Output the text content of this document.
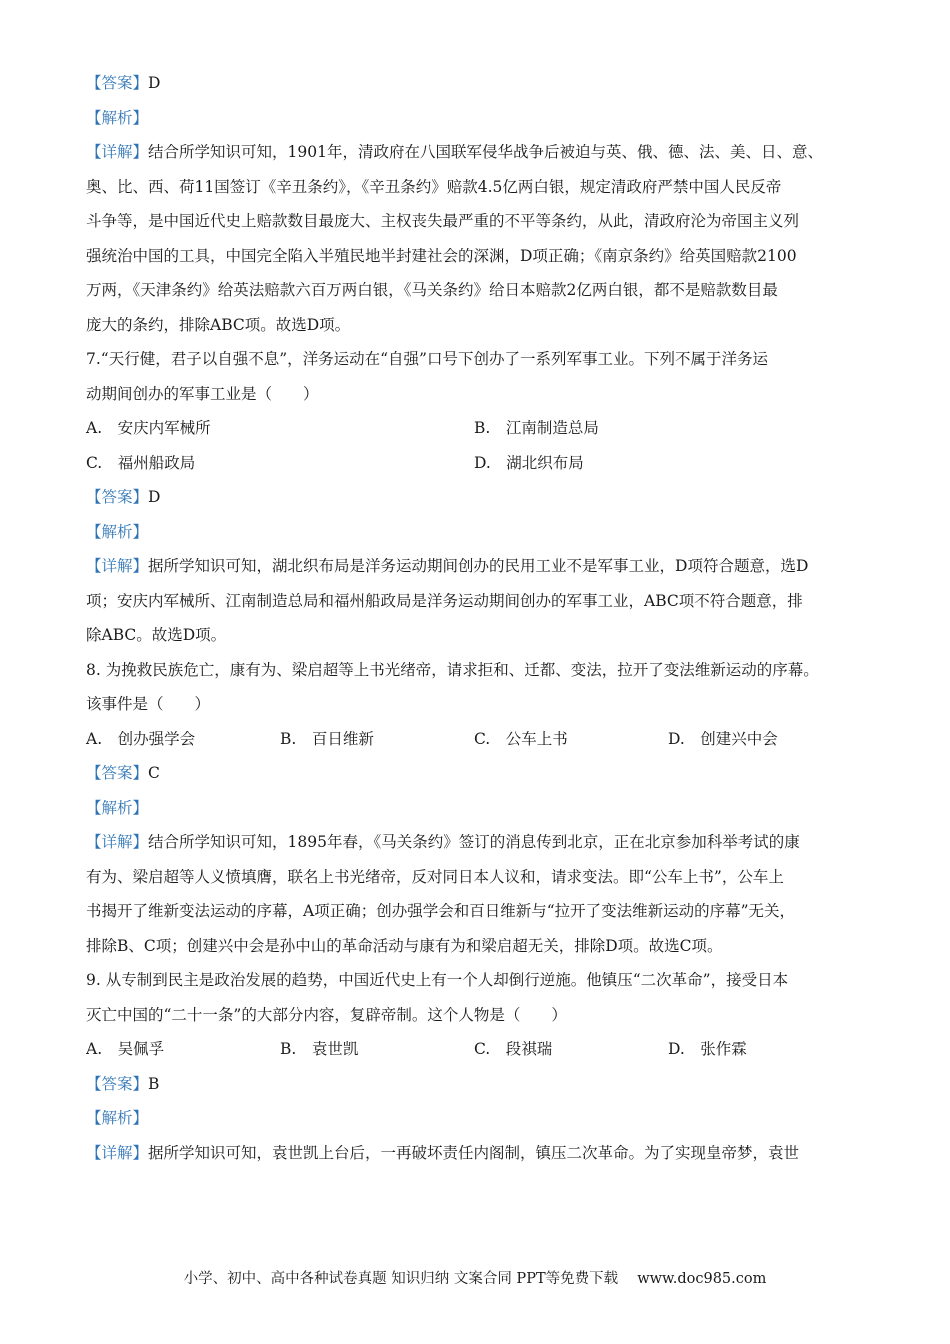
【答案】D
【解析】
【详解】结合所学知识可知，1901年，清政府在八国联军侵华战争后被迫与英、俄、德、法、美、日、意、
奥、比、西、荷11国签订《辛丑条约》，《辛丑条约》赔款4.5亿两白银，规定清政府严禁中国人民反帝
斗争等，是中国近代史上赔款数目最庞大、主权丧失最严重的不平等条约，从此，清政府沦为帝国主义列
强统治中国的工具，中国完全陷入半殖民地半封建社会的深渊，D项正确；《南京条约》给英国赔款2100
万两，《天津条约》给英法赔款六百万两白银，《马关条约》给日本赔款2亿两白银，都不是赔款数目最
庞大的条约，排除ABC项。故选D项。
7.“天行健，君子以自强不息”，洋务运动在“自强”口号下创办了一系列军事工业。下列不属于洋务运
动期间创办的军事工业是（　　）
A.　安庆内军械所	B.　江南制造总局
C.　福州船政局	D.　湖北织布局
【答案】D
【解析】
【详解】据所学知识可知，湖北织布局是洋务运动期间创办的民用工业不是军事工业，D项符合题意，选D
项；安庆内军械所、江南制造总局和福州船政局是洋务运动期间创办的军事工业，ABC项不符合题意，排
除ABC。故选D项。
8. 为挽救民族危亡，康有为、梁启超等上书光绪帝，请求拒和、迁都、变法，拉开了变法维新运动的序幕。
该事件是（　　）
A.　创办强学会	B.　百日维新	C.　公车上书	D.　创建兴中会
【答案】C
【解析】
【详解】结合所学知识可知，1895年春，《马关条约》签订的消息传到北京，正在北京参加科举考试的康
有为、梁启超等人义愤填膺，联名上书光绪帝，反对同日本人议和，请求变法。即“公车上书”，公车上
书揭开了维新变法运动的序幕，A项正确；创办强学会和百日维新与“拉开了变法维新运动的序幕”无关，
排除B、C项；创建兴中会是孙中山的革命活动与康有为和梁启超无关，排除D项。故选C项。
9. 从专制到民主是政治发展的趋势，中国近代史上有一个人却倒行逆施。他镇压“二次革命”，接受日本
灭亡中国的“二十一条”的大部分内容，复辟帝制。这个人物是（　　）
A.　吴佩孚	B.　袁世凯	C.　段祺瑞	D.　张作霖
【答案】B
【解析】
【详解】据所学知识可知，袁世凯上台后，一再破坏责任内阁制，镇压二次革命。为了实现皇帝梦，袁世
小学、初中、高中各种试卷真题 知识归纳 文案合同 PPT等免费下载　 www.doc985.com
